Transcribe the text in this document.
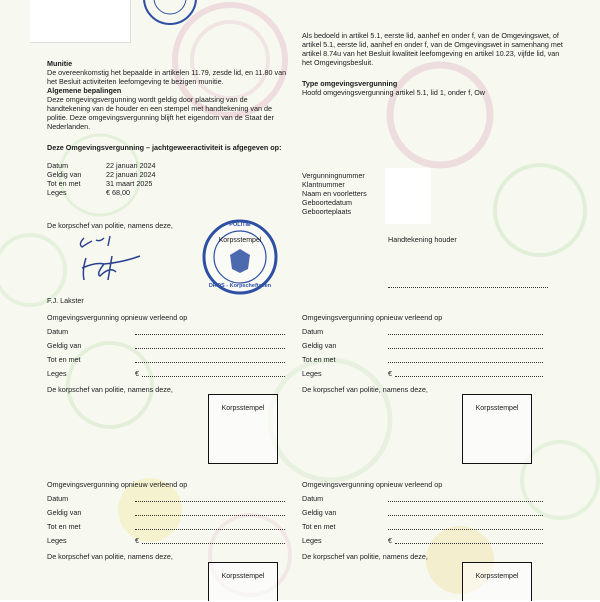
Munitie
De overeenkomstig het bepaalde in artikelen 11.79, zesde lid, en 11.80 van het Besluit activiteiten leefomgeving te bezigen munitie.
Algemene bepalingen
Deze omgevingsvergunning wordt geldig door plaatsing van de handtekening van de houder en een stempel met handtekening van de politie. Deze omgevingsvergunning blijft het eigendom van de Staat der Nederlanden.
Deze Omgevingsvergunning – jachtgeweeractiviteit is afgegeven op:
Datum	22 januari 2024
Geldig van	22 januari 2024
Tot en met	31 maart 2025
Leges	€ 68,00
De korpschef van politie, namens deze,
F.J. Lakster
POLITIE
Korpsstempel
DROS - Korpscheftaken
Als bedoeld in artikel 5.1, eerste lid, aanhef en onder f, van de Omgevingswet, of artikel 5.1, eerste lid, aanhef en onder f, van de Omgevingswet in samenhang met artikel 8.74u van het Besluit kwaliteit leefomgeving en artikel 10.23, vijfde lid, van het Omgevingsbesluit.
Type omgevingsvergunning
Hoofd omgevingsvergunning artikel 5.1, lid 1, onder f, Ow
Vergunningnummer
Klantnummer
Naam en voorletters
Geboortedatum
Geboorteplaats
Handtekening houder
Omgevingsvergunning opnieuw verleend op
Datum
Geldig van
Tot en met
Leges	€
De korpschef van politie, namens deze,
Korpsstempel
Omgevingsvergunning opnieuw verleend op
Datum
Geldig van
Tot en met
Leges	€
De korpschef van politie, namens deze,
Korpsstempel
Omgevingsvergunning opnieuw verleend op
Datum
Geldig van
Tot en met
Leges	€
De korpschef van politie, namens deze,
Korpsstempel
Omgevingsvergunning opnieuw verleend op
Datum
Geldig van
Tot en met
Leges	€
De korpschef van politie, namens deze,
Korpsstempel
